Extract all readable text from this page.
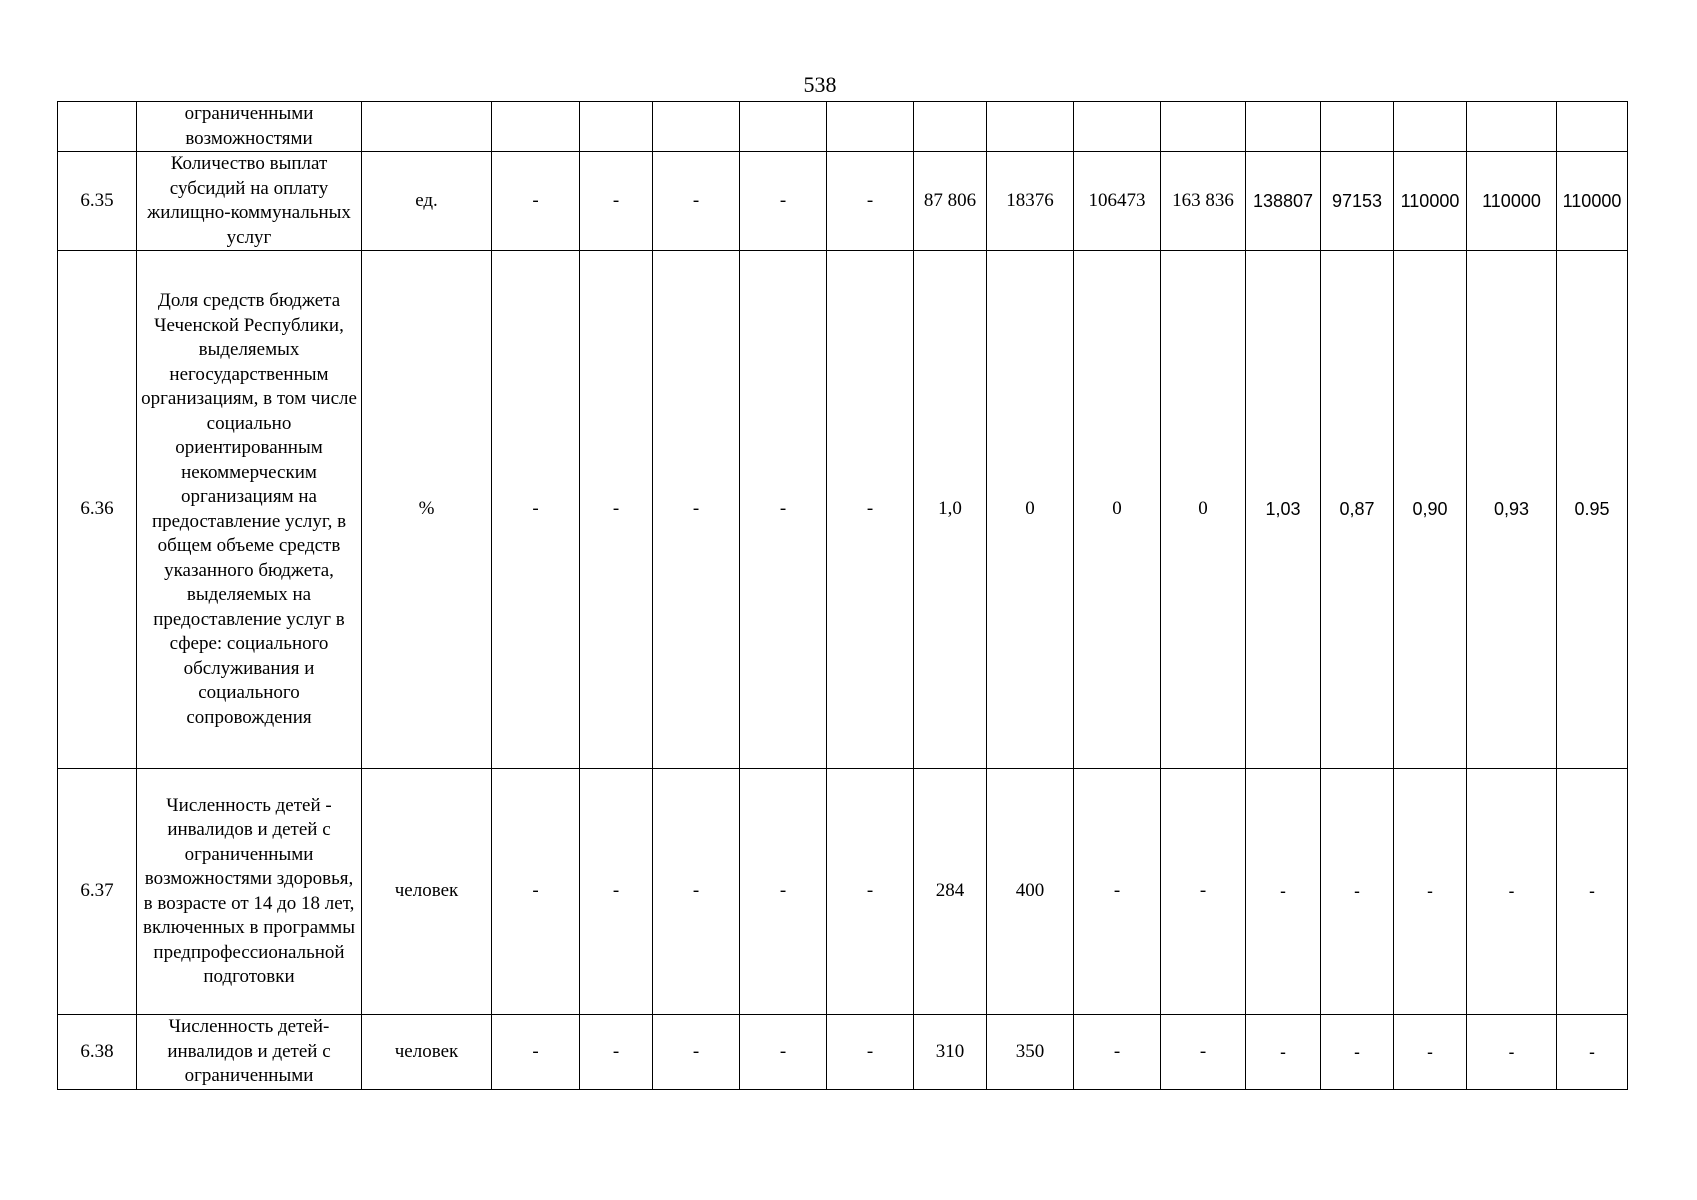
538
	ограниченными возможностями															
6.35	Количество выплат субсидий на оплату жилищно-коммунальных услуг	ед.	-	-	-	-	-	87 806	18376	106473	163 836	138807	97153	110000	110000	110000
6.36	Доля средств бюджета Чеченской Республики, выделяемых негосударственным организациям, в том числе социально ориентированным некоммерческим организациям на предоставление услуг, в общем объеме средств указанного бюджета, выделяемых на предоставление услуг в сфере: социального обслуживания и социального сопровождения	%	-	-	-	-	-	1,0	0	0	0	1,03	0,87	0,90	0,93	0.95
6.37	Численность детей - инвалидов и детей с ограниченными возможностями здоровья, в возрасте от 14 до 18 лет, включенных в программы предпрофессиональной подготовки	человек	-	-	-	-	-	284	400	-	-	-	-	-	-	-
6.38	Численность детей-инвалидов и детей с ограниченными	человек	-	-	-	-	-	310	350	-	-	-	-	-	-	-
